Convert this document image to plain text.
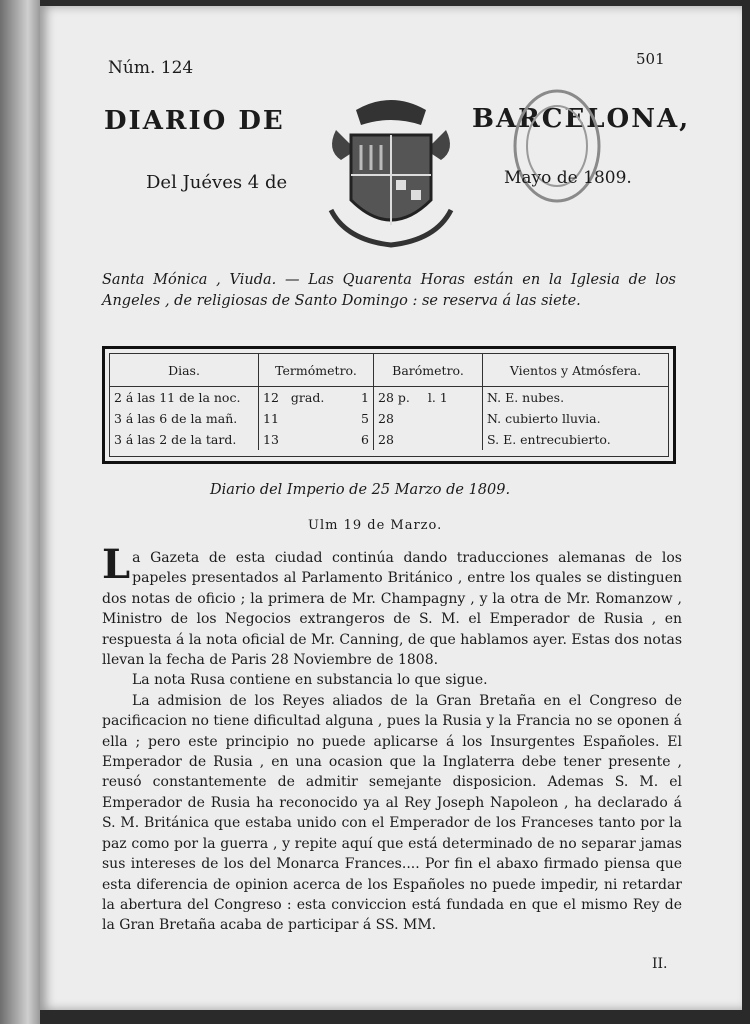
Núm. 124	501
DIARIO DE	BARCELONA,
Del Juéves 4 de	Mayo de 1809.
Santa Mónica , Viuda. — Las Quarenta Horas están en la Iglesia de los Angeles , de religiosas de Santo Domingo : se reserva á las siete.
Dias.	Termómetro.	Barómetro.	Vientos y Atmósfera.
2 á las 11 de la noc.	12 grad. 1	28 p. l. 1	N. E. nubes.
3 á las 6 de la mañ.	11 5	28	N. cubierto lluvia.
3 á las 2 de la tard.	13 6	28	S. E. entrecubierto.
Diario del Imperio de 25 Marzo de 1809.
Ulm 19 de Marzo.

La Gazeta de esta ciudad continúa dando traducciones alemanas de los papeles presentados al Parlamento Británico , entre los quales se distinguen dos notas de oficio ; la primera de Mr. Champagny , y la otra de Mr. Romanzow , Ministro de los Negocios extrangeros de S. M. el Emperador de Rusia , en respuesta á la nota oficial de Mr. Canning, de que hablamos ayer. Estas dos notas llevan la fecha de Paris 28 Noviembre de 1808.

La nota Rusa contiene en substancia lo que sigue.

La admision de los Reyes aliados de la Gran Bretaña en el Congreso de pacificacion no tiene dificultad alguna , pues la Rusia y la Francia no se oponen á ella ; pero este principio no puede aplicarse á los Insurgentes Españoles. El Emperador de Rusia , en una ocasion que la Inglaterra debe tener presente , reusó constantemente de admitir semejante disposicion. Ademas S. M. el Emperador de Rusia ha reconocido ya al Rey Joseph Napoleon , ha declarado á S. M. Británica que estaba unido con el Emperador de los Franceses tanto por la paz como por la guerra , y repite aquí que está determinado de no separar jamas sus intereses de los del Monarca Frances.... Por fin el abaxo firmado piensa que esta diferencia de opinion acerca de los Españoles no puede impedir, ni retardar la abertura del Congreso : esta conviccion está fundada en que el mismo Rey de la Gran Bretaña acaba de participar á SS. MM.

II.
